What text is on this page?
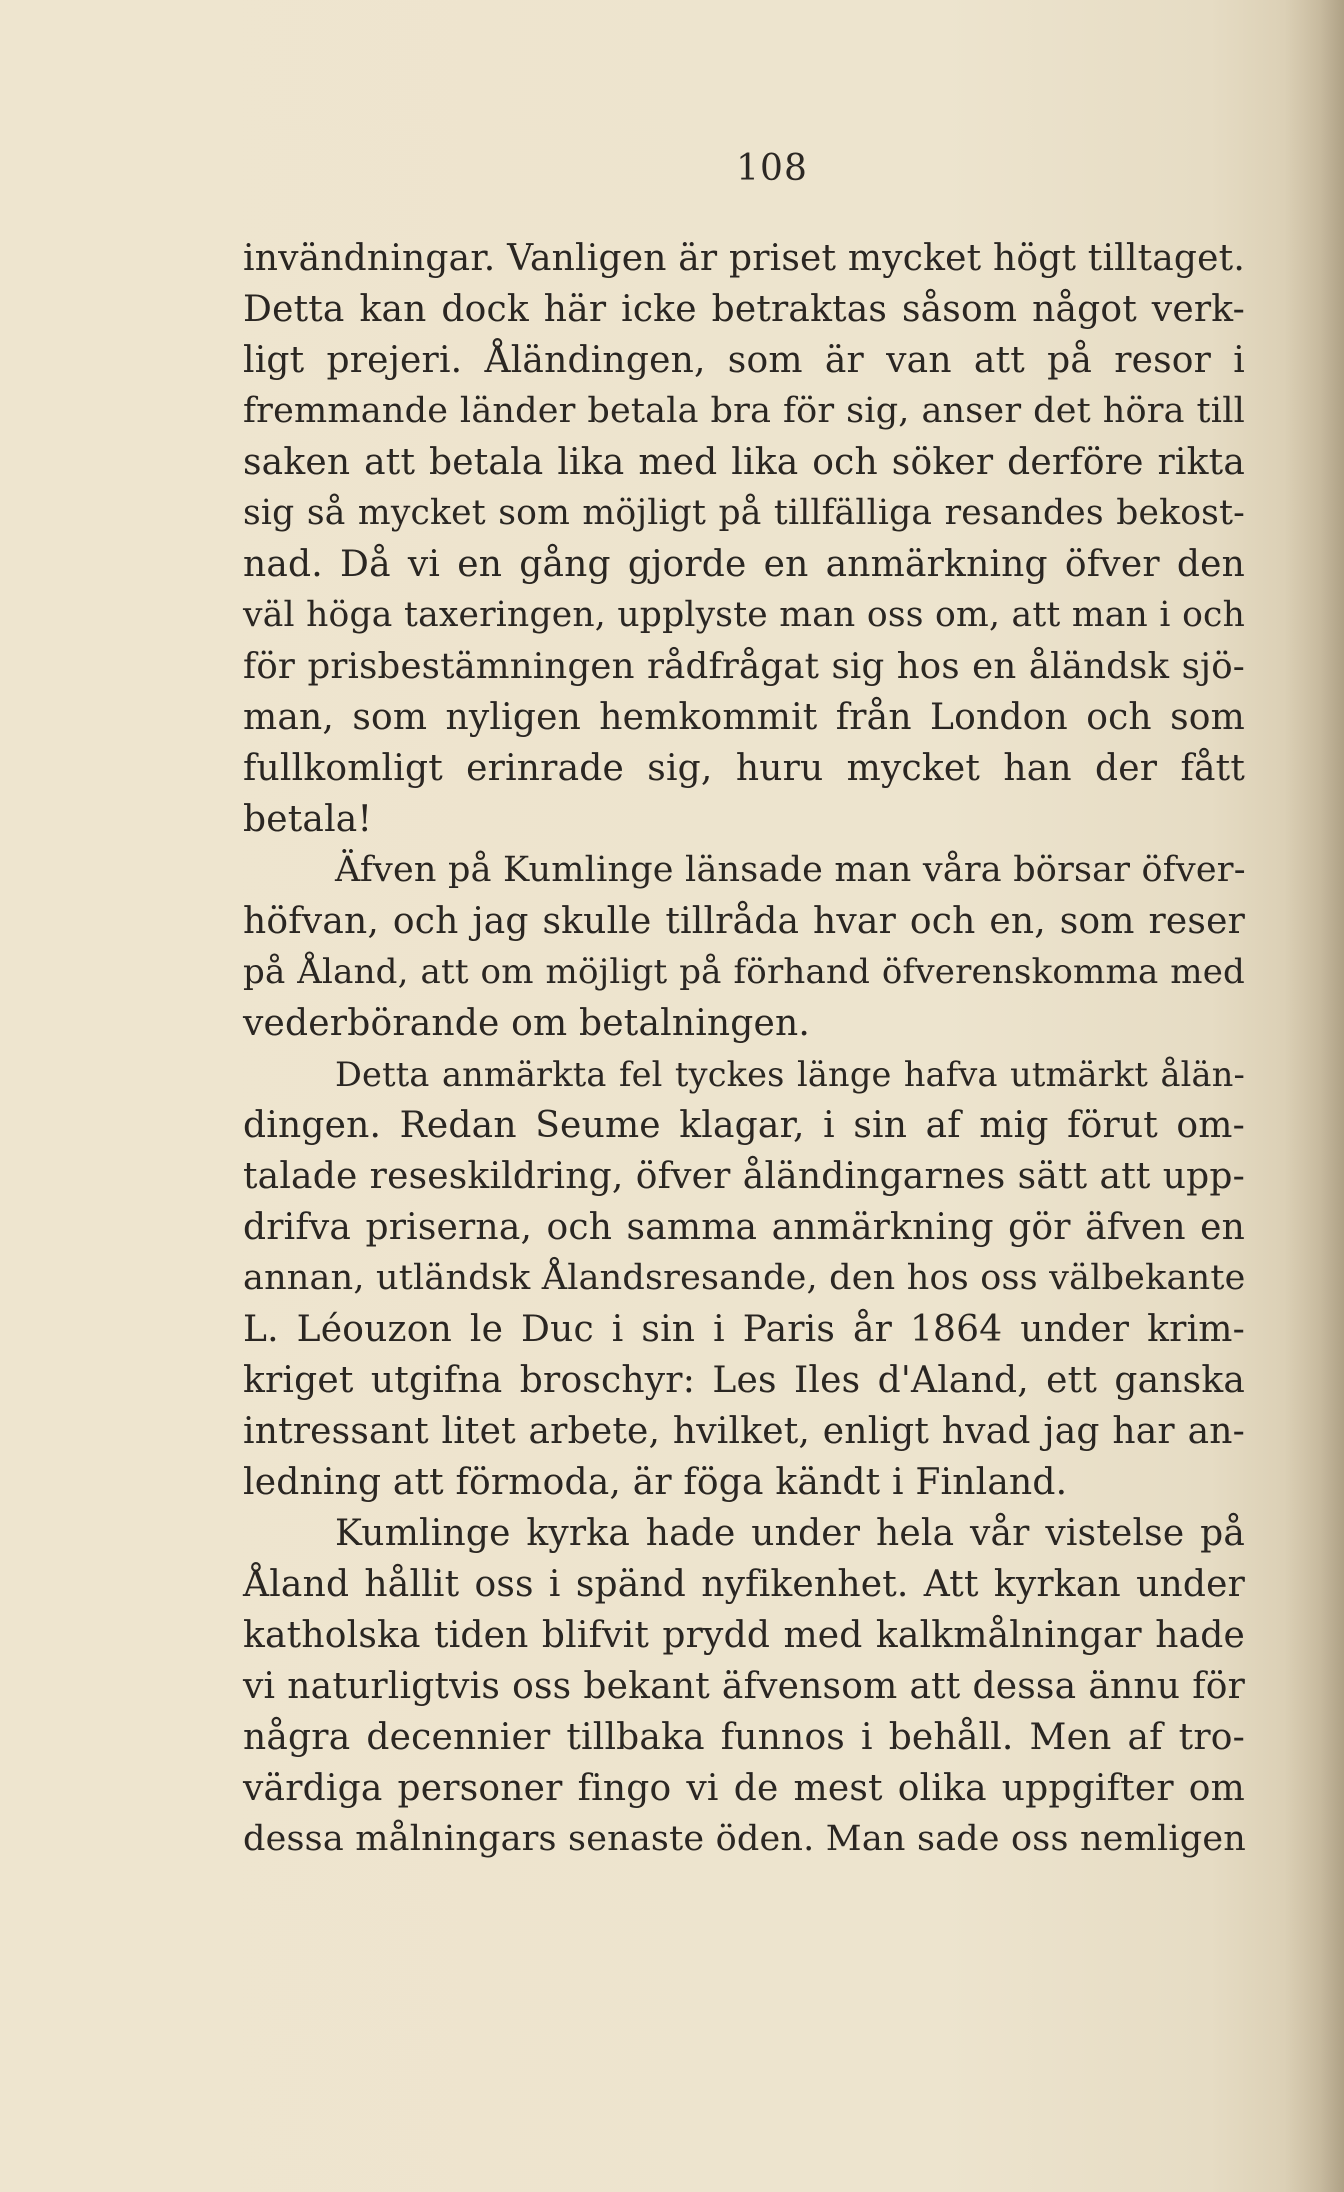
108
invändningar. Vanligen är priset mycket högt tilltaget.
Detta kan dock här icke betraktas såsom något verk-
ligt prejeri. Åländingen, som är van att på resor i
fremmande länder betala bra för sig, anser det höra till
saken att betala lika med lika och söker derföre rikta
sig så mycket som möjligt på tillfälliga resandes bekost-
nad. Då vi en gång gjorde en anmärkning öfver den
väl höga taxeringen, upplyste man oss om, att man i och
för prisbestämningen rådfrågat sig hos en åländsk sjö-
man, som nyligen hemkommit från London och som
fullkomligt erinrade sig, huru mycket han der fått
betala!
Äfven på Kumlinge länsade man våra börsar öfver-
höfvan, och jag skulle tillråda hvar och en, som reser
på Åland, att om möjligt på förhand öfverenskomma med
vederbörande om betalningen.
Detta anmärkta fel tyckes länge hafva utmärkt ålän-
dingen. Redan Seume klagar, i sin af mig förut om-
talade reseskildring, öfver åländingarnes sätt att upp-
drifva priserna, och samma anmärkning gör äfven en
annan, utländsk Ålandsresande, den hos oss välbekante
L. Léouzon le Duc i sin i Paris år 1864 under krim-
kriget utgifna broschyr: Les Iles d'Aland, ett ganska
intressant litet arbete, hvilket, enligt hvad jag har an-
ledning att förmoda, är föga kändt i Finland.
Kumlinge kyrka hade under hela vår vistelse på
Åland hållit oss i spänd nyfikenhet. Att kyrkan under
katholska tiden blifvit prydd med kalkmålningar hade
vi naturligtvis oss bekant äfvensom att dessa ännu för
några decennier tillbaka funnos i behåll. Men af tro-
värdiga personer fingo vi de mest olika uppgifter om
dessa målningars senaste öden. Man sade oss nemligen
